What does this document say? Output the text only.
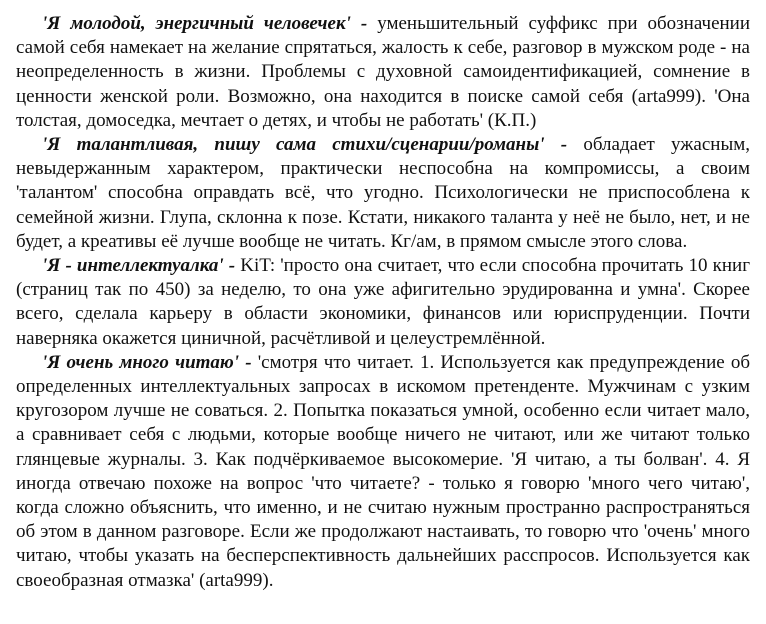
'Я молодой, энергичный человечек' - уменьшительный суффикс при обозначении самой себя намекает на желание спрятаться, жалость к себе, разговор в мужском роде - на неопределенность в жизни. Проблемы с духовной самоидентификацией, сомнение в ценности женской роли. Возможно, она находится в поиске самой себя (arta999). 'Она толстая, домоседка, мечтает о детях, и чтобы не работать' (К.П.)

'Я талантливая, пишу сама стихи/сценарии/романы' - обладает ужасным, невыдержанным характером, практически неспособна на компромиссы, а своим 'талантом' способна оправдать всё, что угодно. Психологически не приспособлена к семейной жизни. Глупа, склонна к позе. Кстати, никакого таланта у неё не было, нет, и не будет, а креативы её лучше вообще не читать. Кг/ам, в прямом смысле этого слова.

'Я - интеллектуалка' - KiT: 'просто она считает, что если способна прочитать 10 книг (страниц так по 450) за неделю, то она уже афигительно эрудированна и умна'. Скорее всего, сделала карьеру в области экономики, финансов или юриспруденции. Почти наверняка окажется циничной, расчётливой и целеустремлённой.

'Я очень много читаю' - 'смотря что читает. 1. Используется как предупреждение об определенных интеллектуальных запросах в искомом претенденте. Мужчинам с узким кругозором лучше не соваться. 2. Попытка показаться умной, особенно если читает мало, а сравнивает себя с людьми, которые вообще ничего не читают, или же читают только глянцевые журналы. 3. Как подчёркиваемое высокомерие. 'Я читаю, а ты болван'. 4. Я иногда отвечаю похоже на вопрос 'что читаете? - только я говорю 'много чего читаю', когда сложно объяснить, что именно, и не считаю нужным пространно распространяться об этом в данном разговоре. Если же продолжают настаивать, то говорю что 'очень' много читаю, чтобы указать на бесперспективность дальнейших расспросов. Используется как своеобразная отмазка' (arta999).
